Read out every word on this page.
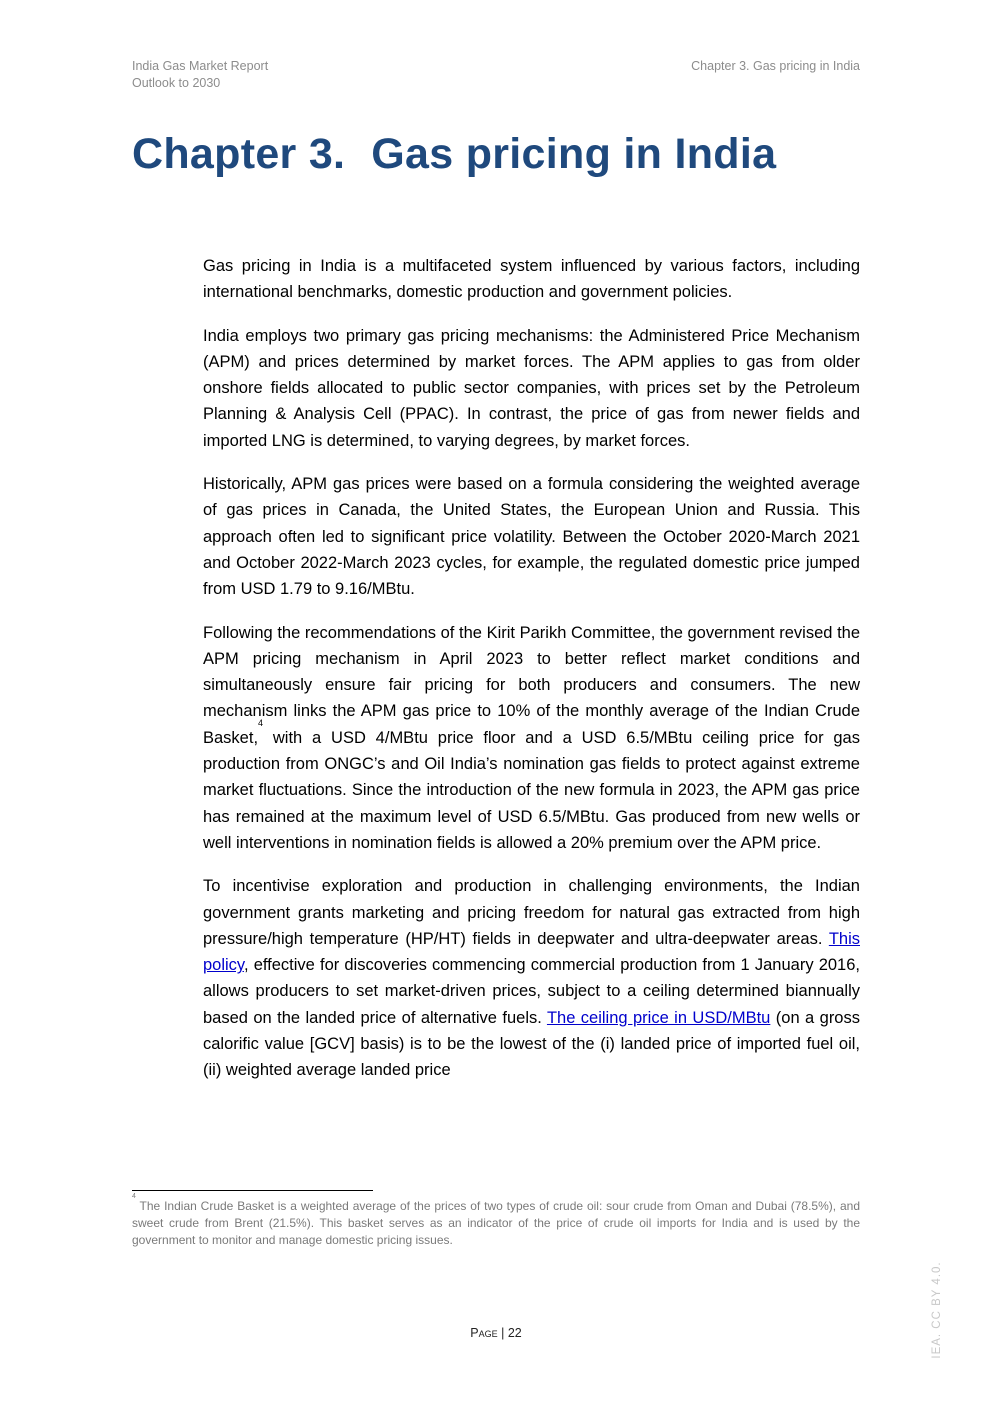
India Gas Market Report
Outlook to 2030
Chapter 3. Gas pricing in India
Chapter 3. Gas pricing in India

Gas pricing in India is a multifaceted system influenced by various factors, including international benchmarks, domestic production and government policies.

India employs two primary gas pricing mechanisms: the Administered Price Mechanism (APM) and prices determined by market forces. The APM applies to gas from older onshore fields allocated to public sector companies, with prices set by the Petroleum Planning & Analysis Cell (PPAC). In contrast, the price of gas from newer fields and imported LNG is determined, to varying degrees, by market forces.

Historically, APM gas prices were based on a formula considering the weighted average of gas prices in Canada, the United States, the European Union and Russia. This approach often led to significant price volatility. Between the October 2020-March 2021 and October 2022-March 2023 cycles, for example, the regulated domestic price jumped from USD 1.79 to 9.16/MBtu.

Following the recommendations of the Kirit Parikh Committee, the government revised the APM pricing mechanism in April 2023 to better reflect market conditions and simultaneously ensure fair pricing for both producers and consumers. The new mechanism links the APM gas price to 10% of the monthly average of the Indian Crude Basket,$^4$ with a USD 4/MBtu price floor and a USD 6.5/MBtu ceiling price for gas production from ONGC’s and Oil India’s nomination gas fields to protect against extreme market fluctuations. Since the introduction of the new formula in 2023, the APM gas price has remained at the maximum level of USD 6.5/MBtu. Gas produced from new wells or well interventions in nomination fields is allowed a 20% premium over the APM price.

To incentivise exploration and production in challenging environments, the Indian government grants marketing and pricing freedom for natural gas extracted from high pressure/high temperature (HP/HT) fields in deepwater and ultra-deepwater areas. This policy, effective for discoveries commencing commercial production from 1 January 2016, allows producers to set market-driven prices, subject to a ceiling determined biannually based on the landed price of alternative fuels. The ceiling price in USD/MBtu (on a gross calorific value [GCV] basis) is to be the lowest of the (i) landed price of imported fuel oil, (ii) weighted average landed price

$^4$ The Indian Crude Basket is a weighted average of the prices of two types of crude oil: sour crude from Oman and Dubai (78.5%), and sweet crude from Brent (21.5%). This basket serves as an indicator of the price of crude oil imports for India and is used by the government to monitor and manage domestic pricing issues.
Page | 22	IEA. CC BY 4.0.
